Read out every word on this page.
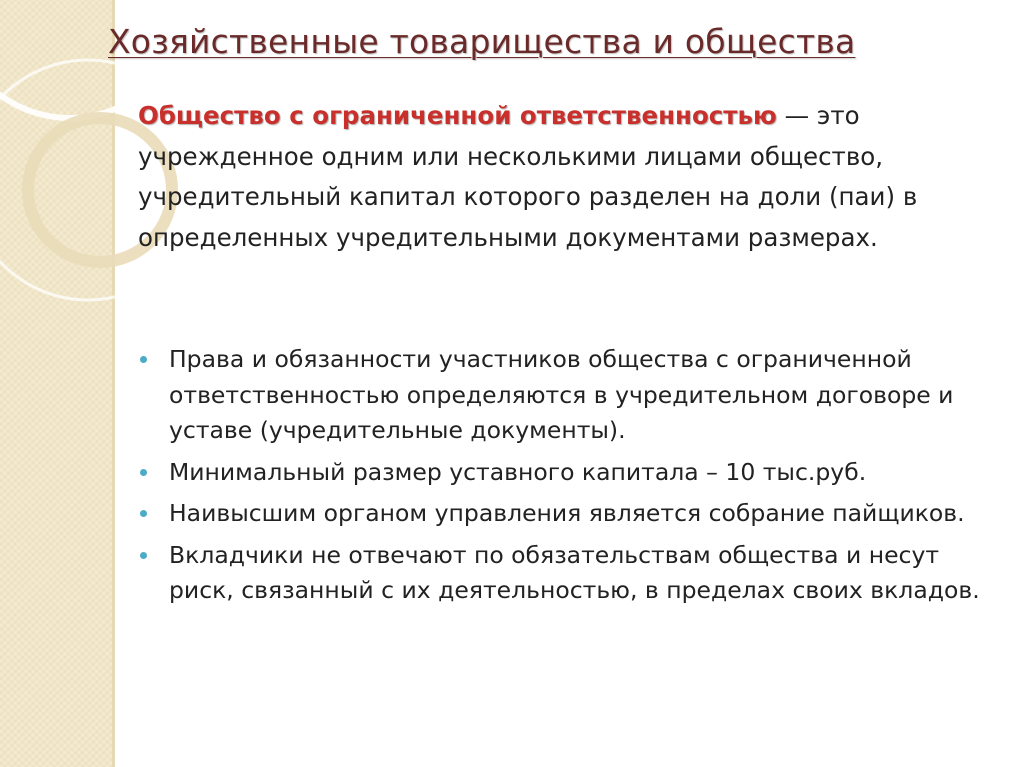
Хозяйственные товарищества и общества

Общество с ограниченной ответственностью — это учрежденное одним или несколькими лицами общество, учредительный капитал которого разделен на доли (паи) в определенных учредительными документами размерах.

Права и обязанности участников общества с ограниченной ответственностью определяются в учредительном договоре и уставе (учредительные документы).
Минимальный размер уставного капитала – 10 тыс.руб.
Наивысшим органом управления является собрание пайщиков.
Вкладчики не отвечают по обязательствам общества и несут риск, связанный с их деятельностью, в пределах своих вкладов.
